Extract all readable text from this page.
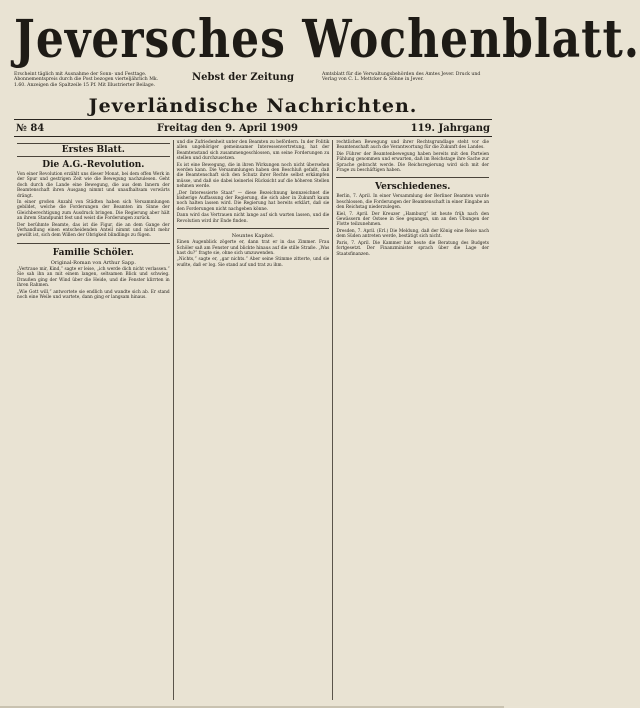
Jeversches Wochenblatt.
Erscheint täglich mit Ausnahme der Sonn- und Festtage. Abonnementspreis durch die Post bezogen vierteljährlich Mk. 1.60. Anzeigen die Spaltzeile 15 Pf. Mit Illustrierter Beilage.
Nebst der Zeitung	Amtsblatt für die Verwaltungsbehörden des Amtes Jever. Druck und Verlag von C. L. Mettcker & Söhne in Jever.
Jeverländische Nachrichten.
№ 84	Freitag den 9. April 1909	119. Jahrgang
Erstes Blatt.
Die A.G.-Revolution.

Von einer Revolution erzählt uns dieser Monat, bei dem offen Werk in der Spur und gestrigen Zeit wie die Bewegung nachzulesen. Geht doch durch die Lande eine Bewegung, die aus dem Innern der Beamtenschaft ihren Ausgang nimmt und unaufhaltsam vorwärts drängt.

In einer großen Anzahl von Städten haben sich Versammlungen gebildet, welche die Forderungen der Beamten im Sinne der Gleichberechtigung zum Ausdruck bringen. Die Regierung aber hält an ihrem Standpunkt fest und weist die Forderungen zurück.

Der berühmte Beamte, das ist die Figur, die an dem Gange der Verhandlung einen entscheidenden Anteil nimmt und nicht mehr gewillt ist, sich dem Willen der Obrigkeit blindlings zu fügen.

Familie Schöler.
Original-Roman von Arthur Sapp.

„Vertraue mir, Kind,“ sagte er leise, „ich werde dich nicht verlassen.“ Sie sah ihn an mit einem langen, seltsamen Blick und schwieg. Draußen ging der Wind über die Heide, und die Fenster klirrten in ihren Rahmen.

„Wie Gott will,“ antwortete sie endlich und wandte sich ab. Er stand noch eine Weile und wartete, dann ging er langsam hinaus.

und die Zufriedenheit unter den Beamten zu befördern. In der Politik allen ungehöriger gemeinsamer Interessenvertretung, hat der Beamtenstand sich zusammengeschlossen, um seine Forderungen zu stellen und durchzusetzen.

Es ist eine Bewegung, die in ihren Wirkungen noch nicht übersehen werden kann. Die Versammlungen haben den Beschluß gefaßt, daß die Beamtenschaft sich den Schutz ihrer Rechte selbst erkämpfen müsse, und daß sie dabei keinerlei Rücksicht auf die höheren Stellen nehmen werde.

„Der Interessierte Staat“ — diese Bezeichnung kennzeichnet die bisherige Auffassung der Regierung, die sich aber in Zukunft kaum noch halten lassen wird. Die Regierung hat bereits erklärt, daß sie den Forderungen nicht nachgeben könne.

Dann wird das Vertrauen nicht lange auf sich warten lassen, und die Revolution wird ihr Ende finden.

Neuntes Kapitel.

Einen Augenblick zögerte er, dann trat er in das Zimmer. Frau Schöler saß am Fenster und blickte hinaus auf die stille Straße. „Was hast du?“ fragte sie, ohne sich umzuwenden.

„Nichts,“ sagte er, „gar nichts.“ Aber seine Stimme zitterte, und sie wußte, daß er log. Sie stand auf und trat zu ihm.

rechtlichen Bewegung und ihrer Rechtsgrundlage steht vor die Beamtenschaft auch die Verantwortung für die Zukunft des Landes.

Die Führer der Beamtenbewegung haben bereits mit den Parteien Fühlung genommen und erwarten, daß im Reichstage ihre Sache zur Sprache gebracht werde. Die Reichsregierung wird sich mit der Frage zu beschäftigen haben.

Verschiedenes.

Berlin, 7. April. In einer Versammlung der Berliner Beamten wurde beschlossen, die Forderungen der Beamtenschaft in einer Eingabe an den Reichstag niederzulegen.

Kiel, 7. April. Der Kreuzer „Hamburg“ ist heute früh nach den Gewässern der Ostsee in See gegangen, um an den Übungen der Flotte teilzunehmen.

Dresden, 7. April. (Erl.) Die Meldung, daß der König eine Reise nach dem Süden antreten werde, bestätigt sich nicht.

Paris, 7. April. Die Kammer hat heute die Beratung des Budgets fortgesetzt. Der Finanzminister sprach über die Lage der Staatsfinanzen.
